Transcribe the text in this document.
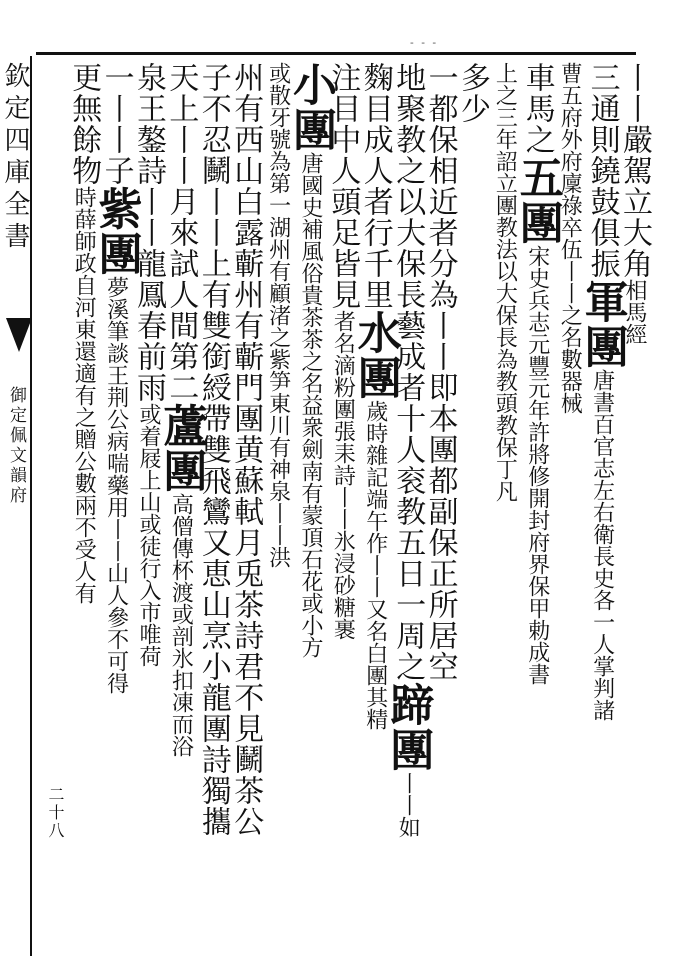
- - -
欽定四庫全書
御定佩文韻府
二十八
丨丨嚴駕立大角相馬經
三通則鐃鼓俱振軍團唐書百官志左右衛長史各一人掌判諸
曹五府外府廩祿卒伍丨丨之名數器械
車馬之五團宋史兵志元豐元年許將修開封府界保甲勅成書
上之三年詔立團教法以大保長為教頭教保丁凡
多少
一都保相近者分為丨丨即本團都副保正所居空
地聚教之以大保長藝成者十人衮教五日一周之蹄團丨丨如
麴目成人者行千里水團歲時雜記端午作丨丨又名白團其精
注目中人頭足皆見者名滴粉團張耒詩丨丨氷浸砂糖裹
小團唐國史補風俗貴茶茶之名益衆劍南有蒙頂石花或小方
或散牙號為第一湖州有顧渚之紫笋東川有神泉丨丨洪
州有西山白露蘄州有蘄門團黄蘇軾月兎茶詩君不見鬭茶公
子不忍鬭丨丨上有雙銜綬帶雙飛鸞又恵山烹小龍團詩獨攜
天上丨丨月來試人間第二蘆團高僧傳杯渡或剖氷扣凍而浴
泉王鏊詩丨丨龍鳳春前雨或着屐上山或徒行入市唯荷
一丨丨子紫團夢溪筆談王荆公病喘藥用丨丨山人參不可得
更無餘物時薛師政自河東還適有之贈公數兩不受人有
